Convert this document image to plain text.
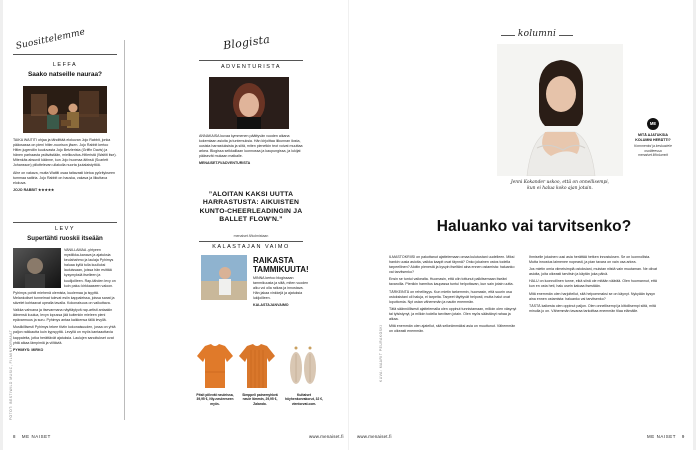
Suosittelemme
LEFFA
Saako natseille nauraa?

TAIKA WAITITI ohjaa ja tähdittää elokuvan Jojo Rabbit, jonka pääosassa on pieni hitler-nuorison jäsen. Jojo Rabbit kertoo Hitler-jugendiin kuuluvasta Jojo Betzlerista (Griffin Davis) ja hänen parhaasta ystävästään, mielikuvitus-Hitleristä (Waititi itse). Mitenkäs absurdi käänne, kun Jojo huomaa äitinsä (Scarlett Johansson) piilottelevan ullakolla nuorta juutalaistyttöä.

Aihe on vakava, mutta Waititi osaa taitavasti kietoa pyöritykseen tummaa satiiria. Jojo Rabbit on hauska, vakava ja liikuttava elokuva.

JOJO RABBIT ★★★★★

LEVY
Supertähti ruoskii itseään

VANILLAMAA -yhtyeen mystiikka-kanava ja ajatuksia keulahahmo ja laulaja Pyhimys haluaa kyllä tulla kuulluksi lauluissaan, joissa hän esittää kysymyksiä itselleen ja kuulijoilleen. Rap-tähden levy on kuin paluu kirkkaaseen valoon.

Pyhimys pohtii miehenä olemista, kuolemaa ja isyyttä. Melankoliset tunnelmat tulevat esiin kappaleissa, joissa sanat ja sävelet kohtaavat upealla tavalla. Kokonaisuus on vaikuttava.

Vaikka vahvana ja itsevarmana näyttäytyvä rap-artisti antaakin äänensä kuulua, levyn lopussa jää kuitenkin mieleen pieni epävarmuus ja suru. Pyhimys antaa kaikkensa tällä levyllä.

Musiikillisesti Pyhimys tekee tiiviin kokonaisuuden, jossa on yhtä paljon raikkautta kuin kypsyyttä. Levyllä on myös kantaaottavia kappaleita, jotka herättävät ajatuksia. Laulujen sanoitukset ovat yhtä aikaa lämpimiä ja viiltäviä.

PYHIMYS: MIRKO

Blogista
ADVENTURISTA

ANNAKAISA kuvaa kymmenen päättyvän vuoden aikana kokemiaan asioita ja tuntemuksia. Hän kirjoittaa liikunnan ilosta, uusista harrastuksista ja siitä, miten pienetkin teot voivat muuttaa arkea. Blogissa seikkaillaan luonnossa ja kaupungissa, ja lukijat pääsevät mukaan matkalle.

MENAISET.FI/ADVENTURISTA

”ALOITAN KAKSI UUTTA HARRASTUSTA: AIKUISTEN KUNTO-CHEERLEADINGIN JA BALLET FLOW'N.”
menaiset.fi/kolmistaan
KALASTAJAN VAIMO
RAIKASTA TAMMIKUUTA!

MINNA kertoo blogissaan tammikuusta ja siitä, miten vuoden alku voi olla raikas ja innostava. Hän jakaa vinkkejä ja ajatuksia lukijoilleen.

KALASTAJANVAIMO

Pitsit piilevät neuleissa, 39,95 €, Nly-neuleeseen myös.
Simppeli painemyhkeä neule lämmin, 29,95 €, Zalando.
Kultaiset höyhenkorvakorut, 32 €, vientorvat.com.
FOTOT: BESTIWILD MUSIC, FILMINFORMAAT
8 ME NAISET	www.menaiset.fi
kolumni
Jenni Kokander uskoo, että on onnellisempi,
kun ei halua koko ajan jotain.
ME
MITÄ AJATUKSIA KOLUMNI HERÄTTI?
Kommentoi ja keskustele osoitteessa menaiset.fi/kolumnit
Haluanko vai tarvitsenko?

ILMASTOKRIISI on pakottanut ajattelemaan omaa kulutustani uudelleen. Miksi hankin uusia asioita, vaikka kaapit ovat täynnä? Onko jokainen ostos todella tarpeellinen? Aloitin pienestä ja kysyin itseltäni aina ennen ostamista: haluanko vai tarvitsenko?

Ensin se tuntui vaikealta. Huomasin, että olin tottunut palkitsemaan itseäni tavaroilla. Pienikin harmitus kaupassa tuntui helpottavan, kun sain jotain uutta.

TÄRKEINTÄ on rehellisyys. Kun mietin tarkemmin, huomasin, että suurin osa ostoksistani oli haluja, ei tarpeita. Tarpeet täyttyvät helposti, mutta halut ovat loputtomia. Nyt ostan vähemmän ja nautin enemmän.

Tätä säännöllisesti ajattelemalla olen oppinut tunnistamaan, milloin olen väsynyt tai tylsistynyt, ja milloin todella tarvitsen jotain. Olen myös säästänyt rahaa ja aikaa.

Mitä enemmän olen ajatellut, sitä selkeämmäksi asia on muuttunut. Vähemmän on oikeasti enemmän.

Ihmiselle jokainen uusi asia herättää hetken innostuksen. Se on luonnollista. Mutta innostus laimenee nopeasti, ja pian tavara on vain osa arkea.

Jos mietin omia viimeisimpiä ostoksiani, muistan niistä vain muutaman. Ne olivat asioita, joita oikeasti tarvitsin ja käytän joka päivä.

HALU on luonnollinen tunne, eikä siinä ole mitään väärää. Olen huomannut, että kun en osta heti, halu usein katoaa itsestään.

Mitä enemmän olen harjoitellut, sitä helpommaksi se on käynyt. Nykyään kysyn aina ennen ostamista: haluanko vai tarvitsenko?

TÄSTÄ kaikesta olen oppinut paljon. Olen onnellisempi ja kiitollisempi siitä, mitä minulla jo on. Vähemmän tavaraa tarkoittaa enemmän tilaa elämälle.

KUVA: MAARIT PEURAKOSKI
www.menaiset.fi	ME NAISET 9
